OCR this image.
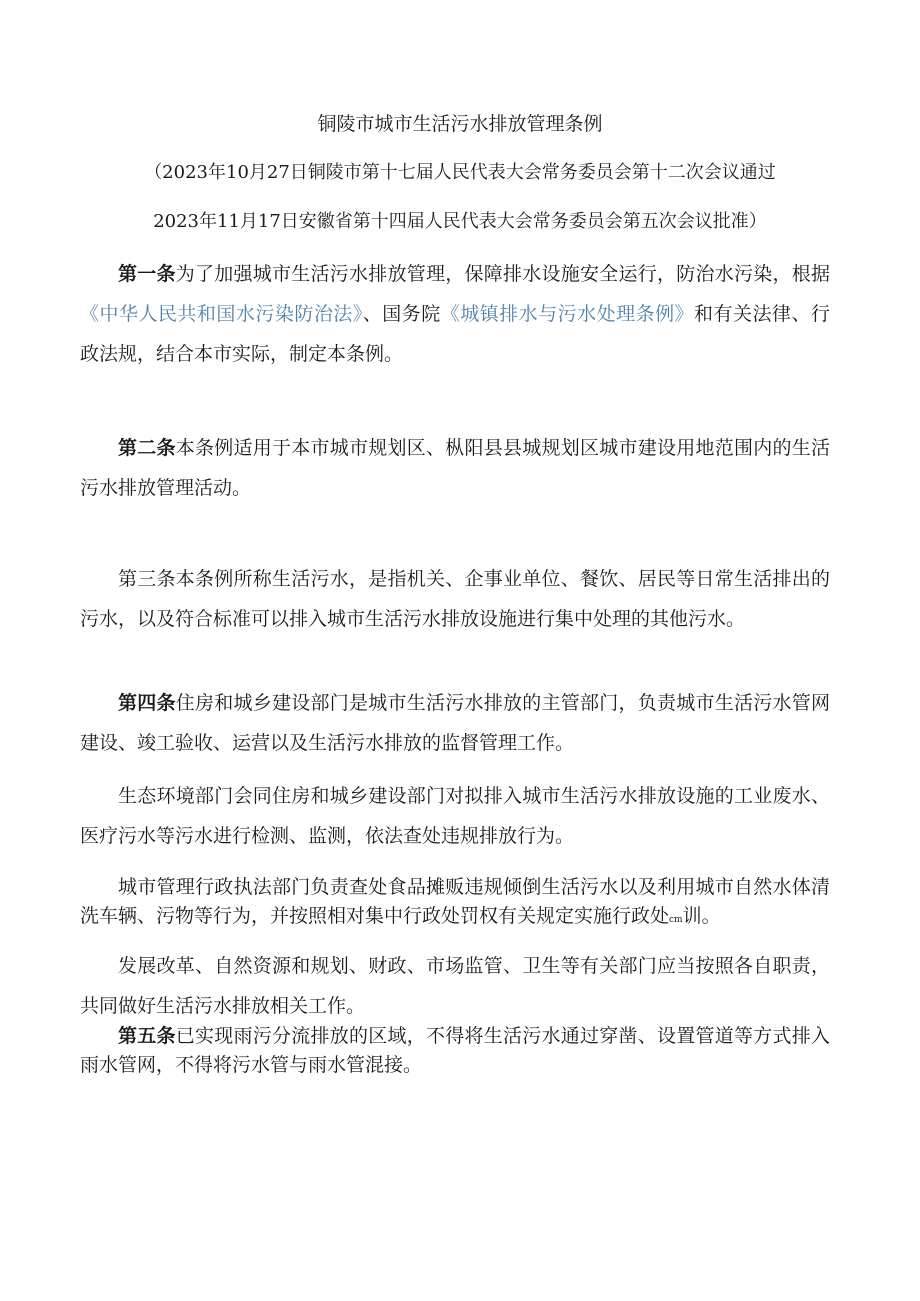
铜陵市城市生活污水排放管理条例
（2023年10月27日铜陵市第十七届人民代表大会常务委员会第十二次会议通过
2023年11月17日安徽省第十四届人民代表大会常务委员会第五次会议批准）
第一条为了加强城市生活污水排放管理，保障排水设施安全运行，防治水污染，根据《中华人民共和国水污染防治法》、国务院《城镇排水与污水处理条例》和有关法律、行政法规，结合本市实际，制定本条例。
第二条本条例适用于本市城市规划区、枞阳县县城规划区城市建设用地范围内的生活污水排放管理活动。
第三条本条例所称生活污水，是指机关、企事业单位、餐饮、居民等日常生活排出的污水，以及符合标准可以排入城市生活污水排放设施进行集中处理的其他污水。
第四条住房和城乡建设部门是城市生活污水排放的主管部门，负责城市生活污水管网建设、竣工验收、运营以及生活污水排放的监督管理工作。
生态环境部门会同住房和城乡建设部门对拟排入城市生活污水排放设施的工业废水、医疗污水等污水进行检测、监测，依法查处违规排放行为。
城市管理行政执法部门负责查处食品摊贩违规倾倒生活污水以及利用城市自然水体清洗车辆、污物等行为，并按照相对集中行政处罚权有关规定实施行政处cm训。
发展改革、自然资源和规划、财政、市场监管、卫生等有关部门应当按照各自职责，共同做好生活污水排放相关工作。
第五条已实现雨污分流排放的区域，不得将生活污水通过穿凿、设置管道等方式排入雨水管网，不得将污水管与雨水管混接。
